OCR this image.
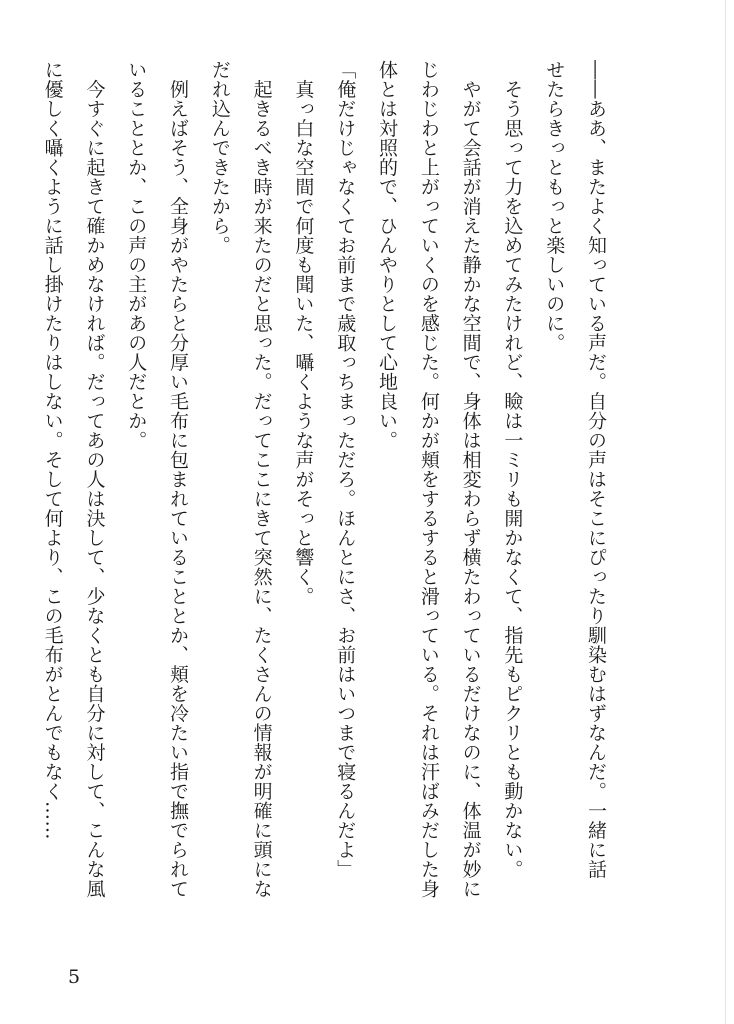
――ああ、またよく知っている声だ。自分の声はそこにぴったり馴染むはずなんだ。一緒に話
せたらきっともっと楽しいのに。
　そう思って力を込めてみたけれど、瞼は一ミリも開かなくて、指先もピクリとも動かない。
　やがて会話が消えた静かな空間で、身体は相変わらず横たわっているだけなのに、体温が妙に
じわじわと上がっていくのを感じた。何かが頬をするすると滑っている。それは汗ばみだした身
体とは対照的で、ひんやりとして心地良い。
「俺だけじゃなくてお前まで歳取っちまっただろ。ほんとにさ、お前はいつまで寝るんだよ」
　真っ白な空間で何度も聞いた、囁くような声がそっと響く。
　起きるべき時が来たのだと思った。だってここにきて突然に、たくさんの情報が明確に頭にな
だれ込んできたから。
　例えばそう、全身がやたらと分厚い毛布に包まれていることとか、頬を冷たい指で撫でられて
いることとか、この声の主があの人だとか。
　今すぐに起きて確かめなければ。だってあの人は決して、少なくとも自分に対して、こんな風
に優しく囁くように話し掛けたりはしない。そして何より、この毛布がとんでもなく……
5
